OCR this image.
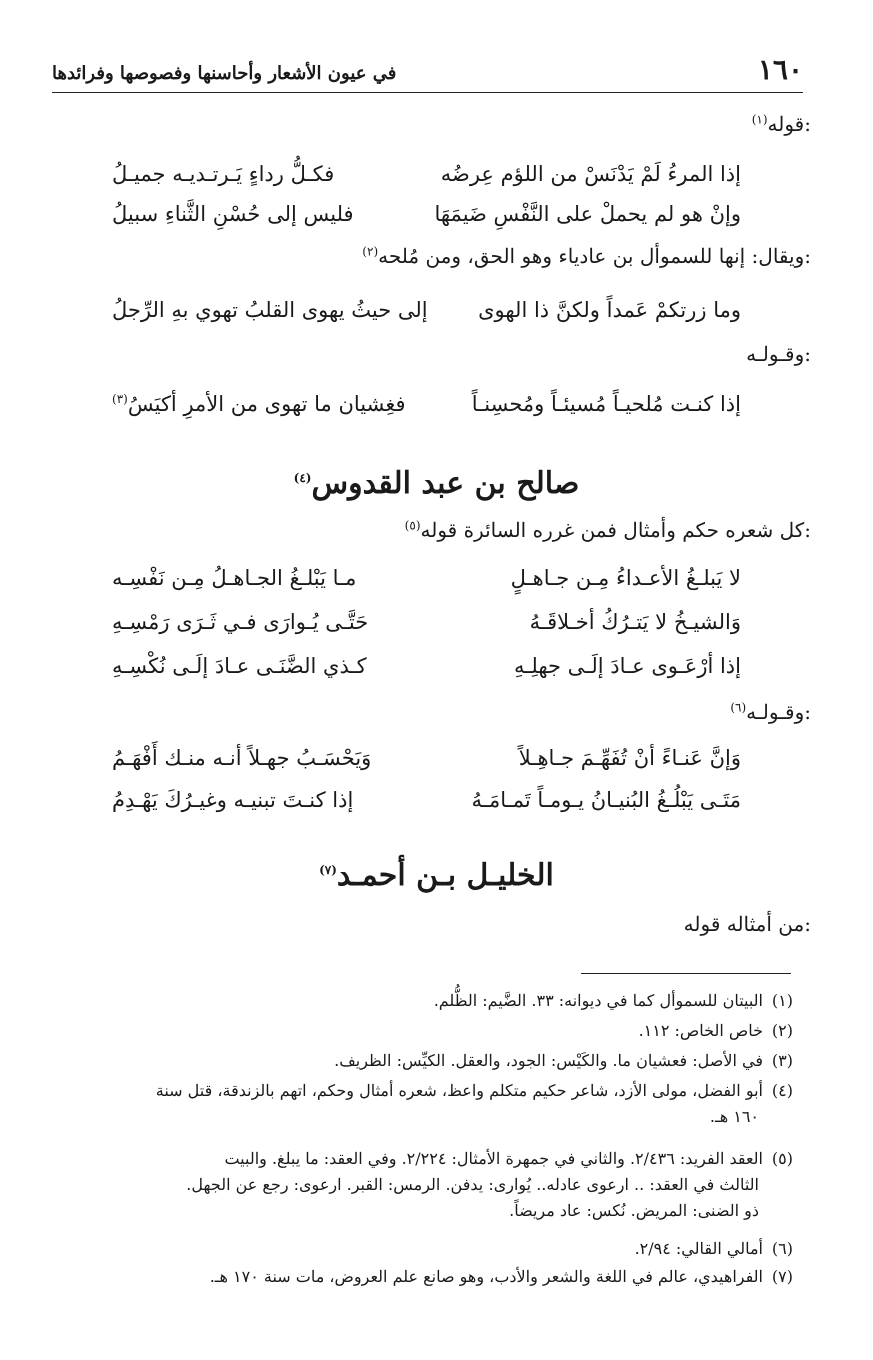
١٦٠
في عيون الأشعار وأحاسنها وفصوصها وفرائدها
قوله$^{(١)}$ :
إذا المرءُ لَمْ يَدْنَسْ من اللؤم عِرضُه
فكـلُّ رداءٍ يَـرتـديـه جميـلُ
وإنْ هو لم يحملْ على النَّفْسِ ضَيمَهَا
فليس إلى حُسْنِ الثَّناءِ سبيلُ
ويقال: إنها للسموأل بن عادياء وهو الحق، ومن مُلحه$^{(٢)}$	:
وما زرتكمْ عَمداً ولكنَّ ذا الهوى
إلى حيثُ يهوى القلبُ تهوي بهِ الرِّجلُ
وقـولـه:
إذا كنـت مُلحيـاً مُسيئـاً ومُحسِنـاً
فغِشيان ما تهوى من الأمرِ أكيَسُ$^{(٣)}$
صالح بن عبد القدوس$^{(٤)}$
كل شعره حكم وأمثال فمن غرره السائرة قوله$^{(٥)}$	:
لا يَبلـغُ الأعـداءُ مِـن جـاهـلٍ
مـا يَبْلـغُ الجـاهـلُ مِـن نَفْسِـه
وَالشيـخُ لا يَتـرُكُ أخـلاقَـهُ
حَتَّـى يُـوارَى فـي ثَـرَى رَمْسِـهِ
إذا أرْعَـوى عـادَ إلَـى جهلِـهِ
كـذي الضَّنَـى عـادَ إلَـى نُكْسِـهِ
وقـولـه$^{(٦)}$	:
وَإنَّ عَنـاءً أنْ تُفَهِّـمَ جـاهِـلاً
وَيَحْسَـبُ جهـلاً أنـه منـك أَفْهَـمُ
مَتَـى يَبْلُـغُ البُنيـانُ يـومـاً تَمـامَـهُ
إذا كنـتَ تبنيـه وغيـرُكَ يَهْـدِمُ
الخليـل بـن أحمـد$^{(٧)}$
من أمثاله قوله:
(١)البيتان للسموأل كما في ديوانه: ٣٣. الضَّيم: الظُّلم.
(٢)خاص الخاص: ١١٢.
(٣)في الأصل: فعشيان ما. والكَيْس: الجود، والعقل. الكيِّس: الظريف.
(٤)أبو الفضل، مولى الأزد، شاعر حكيم متكلم واعظ، شعره أمثال وحكم، اتهم بالزندقة، قتل سنة
١٦٠ هـ.
(٥)العقد الفريد: ٢/٤٣٦. والثاني في جمهرة الأمثال: ٢/٢٢٤. وفي العقد: ما يبلغ. والبيت
الثالث في العقد: .. ارعوى عادله.. يُوارى: يدفن. الرمس: القبر. ارعوى: رجع عن الجهل.
ذو الضنى: المريض. نُكس: عاد مريضاً.
(٦)أمالي القالي: ٢/٩٤.
(٧)الفراهيدي، عالم في اللغة والشعر والأدب، وهو صانع علم العروض، مات سنة ١٧٠ هـ.
